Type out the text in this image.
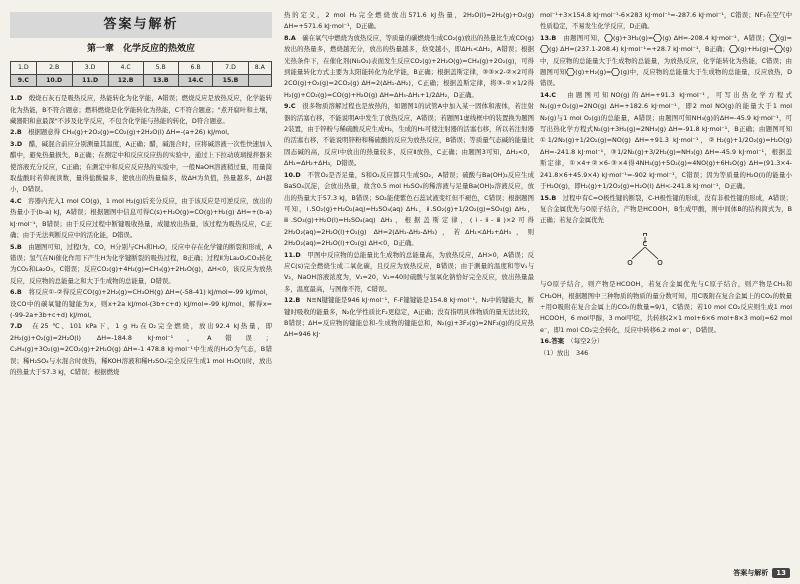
答案与解析
第一章　化学反应的热效应
1.D	2.B	3.D	4.C	5.B	6.B	7.D	8.A
9.C	10.D	11.D	12.B	13.B	14.C	15.B	

1.D　煅烧石灰石是吸热反应，热能转化为化学能，A错误；燃烧反应是放热反应，化学能转化为热能，B不符合题意；燃料燃烧是化学能转化为热能，C不符合题意；"煮开腐叶和土壤，藏器阳和意最深"不涉及化学反应，不包含化学能与热能的转化，D符合题意。

2.B　根据题意得 CH₄(g)+2O₂(g)=CO₂(g)+2H₂O(l) ΔH=-(a+26) kJ/mol。

3.D　醋，碱混合前应分别测量其温度，A正确；醋，碱混合时，应将碱溶液一次性快速加入醋中，避免热量损失，B正确；在测定中和反应反应热的实验中，通过上下拉动玻璃搅拌器来使溶液充分反应，C正确；在测定中和反应反应热的实验中，一般NaOH溶液稍过量，用量筒取盐酸时若仰视读数，量得盐酸偏多，使放出的热量偏多，故ΔH为负值，热量越多，ΔH越小，D错误。

4.C　容器内充入1 mol CO(g)，1 mol H₂(g)后充分反应，由于该反应是可逆反应，放出的热量小于(b-a) kJ，A错误；根据题图中信息可得C(s)+H₂O(g)=CO(g)+H₂(g) ΔH=+(b-a) kJ·mol⁻¹，B错误；由于反应过程中断键吸收热量，成键放出热量，该过程为吸热反应，C正确；由于无法判断反应中的活化能，D错误。

5.B　由题图可知，过程Ⅰ为，CO，H分别与CH₄和H₂O，反应中存在化学键的断裂和形成，A错误；氢气在Ni催化作用下产生H为化学键断裂的吸热过程，B正确；过程Ⅱ为La₂O₂CO₃转化为CO₂和La₂O₃，C错误；反应CO₂(g)+4H₂(g)=CH₄(g)+2H₂O(g)，ΔH<0，该反应为放热反应，反应物的总能量之和大于生成物的总能量，D错误。

6.B　将反应①-②得反应CO(g)+2H₂(g)=CH₃OH(g) ΔH=(-58-41) kJ/mol=-99 kJ/mol，设CO中的碳氧键的键能为x，则x+2a kJ/mol-(3b+c+d) kJ/mol=-99 kJ/mol，解得x=(-99-2a+3b+c+d) kJ/mol。

7.D　在25 ℃、101 kPa下，1 g H₂在O₂完全燃烧，放出92.4 kJ热量，即2H₂(g)+O₂(g)=2H₂O(l) ΔH=-184.8 kJ·mol⁻¹，A错误；C₂H₄(g)+3O₂(g)=2CO₂(g)+2H₂O(g) ΔH=-1 478.8 kJ·mol⁻¹中生成的H₂O为气态，B错误；稀H₂SO₄与水混合时放热，稀KOH溶液和稀H₂SO₄完全反应生成1 mol H₂O(l)时，放出的热量大于57.3 kJ，C错误；根据燃烧

热的定义，2 mol H₂完全燃烧放出571.6 kJ热量，2H₂O(l)=2H₂(g)+O₂(g) ΔH=+571.6 kJ·mol⁻¹，D正确。

8.A　碳在氧气中燃烧为放热反应，等质量的碳燃烧生成CO₂(g)放出的热量比生成CO(g)放出的热量多，燃烧越充分，放出的热量越多，焓变越小，即ΔH₁<ΔH₂，A错误；根据光热条件下，在催化剂(Ni₂O₃)表面发生反应CO₂(g)+2H₂O(g)=CH₄(g)+2O₂(g)，可得到能量转化方式主要为太阳能转化为化学能，B正确；根据盖斯定律，③③×2-②×2可得2CO(g)+O₂(g)=2CO₂(g) ΔH=2(ΔH₁-ΔH₂)，C正确；根据盖斯定律，将③-②×1/2得H₂(g)+CO₂(g)=CO(g)+H₂O(g) ΔH=ΔH₃-ΔH₁+1/2ΔH₂，D正确。

9.C　很多物质溶解过程也是放热的，如题图1的试管A中加入某一固体和液体，若注射器的活塞右移，不能说明A中发生了放热反应，A错误；若题图1虚线框中的装置换为题图2装置，由于锌粉与稀硫酸反应生成H₂，生成的H₂可使注射器的活塞右移，所以若注射器的活塞右移，不能说明锌粉和稀硫酸的反应为放热反应，B错误；等质量气态碱的能量比固态碱的高，反应Ⅰ中放出的热量较多，反应Ⅱ放热，C正确；由题图3可知，ΔH₂<0，ΔH₁=ΔH₂+ΔH₃，D错误。

10.D　不管O₂是否足量，S和O₂反应都只生成SO₂，A错误；硫酸与Ba(OH)₂反应生成BaSO₄沉淀，会放出热量，故含0.5 mol H₂SO₄的稀溶液与足量Ba(OH)₂溶液反应，放出的热量大于57.3 kJ，B错误；SO₂能使紫色石蕊试液变红但不褪色，C错误；根据题图可知，ⅰ.SO₂(g)+H₂O₂(aq)=H₂SO₄(aq) ΔH₁，ⅱ.SO₂(g)+1/2O₂(g)=SO₃(g) ΔH₂，ⅲ.SO₃(g)+H₂O(l)=H₂SO₄(aq) ΔH₃，根据盖斯定律，(ⅰ-ⅱ-ⅲ)×2可得2H₂O₂(aq)=2H₂O(l)+O₂(g) ΔH=2(ΔH₁-ΔH₂-ΔH₃)，若ΔH₁<ΔH₂+ΔH₃，则2H₂O₂(aq)=2H₂O(l)+O₂(g) ΔH<0，D正确。

11.D　甲图中反应物的总能量比生成物的总能量高，为放热反应，ΔH>0，A错误；反应C(s)完全燃烧生成二氧化碳，且反应为放热反应，B错误；由于测量的温度和等V₁与V₂，NaOH溶液浓度为，V₁=20，V₂=40时硫酸与氢氧化钠恰好完全反应，放出热量最多，温度最高，与图像不符，C错误。

12.B　N≡N键键能是946 kJ·mol⁻¹，F-F键键能是154.8 kJ·mol⁻¹，N₂中的键能大，断键时吸收的能量多，N₂化学性质比F₂更稳定，A正确；没有指明具体物质的量无法比较，B错误；ΔH=反应物的键能总和-生成物的键能总和，N₂(g)+3F₂(g)=2NF₃(g)的反应热ΔH=946 kJ·

mol⁻¹+3×154.8 kJ·mol⁻¹-6×283 kJ·mol⁻¹=-287.6 kJ·mol⁻¹，C错误；NF₃在空气中性质稳定，不易发生化学反应，D正确。

13.B　由题图可知， (g)+3H₂(g)= (g) ΔH=-208.4 kJ·mol⁻¹，A错误； (g)=(g) ΔH=(237.1-208.4) kJ·mol⁻¹=+28.7 kJ·mol⁻¹，B正确； (g)+H₂(g)= (g)中，反应物的总能量大于生成物的总能量，为放热反应，化学能转化为热能，C错误；由题图可知 (g)+H₂(g)= (g)中，反应物的总能量大于生成物的总能量，反应放热，D错误。

14.C　由题图可知NO(g)的ΔH=+91.3 kJ·mol⁻¹，可写出热化学方程式N₂(g)+O₂(g)=2NO(g) ΔH=+182.6 kJ·mol⁻¹，即2 mol NO(g)的能量大于1 mol N₂(g)与1 mol O₂(g)的总能量，A错误；由题图可知NH₃(g)的ΔH=-45.9 kJ·mol⁻¹，可写出热化学方程式N₂(g)+3H₂(g)=2NH₃(g) ΔH=-91.8 kJ·mol⁻¹，B正确；由题图可知①1/2N₂(g)+1/2O₂(g)=NO(g) ΔH=+91.3 kJ·mol⁻¹，②H₂(g)+1/2O₂(g)=H₂O(g) ΔH=-241.8 kJ·mol⁻¹，③1/2N₂(g)+3/2H₂(g)=NH₃(g) ΔH=-45.9 kJ·mol⁻¹，根据盖斯定律，①×4+②×6-③×4得4NH₃(g)+5O₂(g)=4NO(g)+6H₂O(g) ΔH=(91.3×4-241.8×6+45.9×4) kJ·mol⁻¹=-902 kJ·mol⁻¹，C错误；因为等质量的H₂O(l)的能量小于H₂O(g)，即H₂(g)+1/2O₂(g)=H₂O(l) ΔH<-241.8 kJ·mol⁻¹，D正确。

15.B　过程中有C=O极性键的断裂，C-H极性键的形成，没有非极性键的形成，A错误；复合金属优先与O原子结合，产物是HCOOH，B生成甲酸，则中间体B的结构简式为，B正确；若复合金属优先

H
C
O	O

与O原子结合，则产物是HCOOH，若复合金属优先与C原子结合，则产物是CH₃和CH₂OH，根据题图中三种物质的物质的量分数可知，用C吸附在复合金属上的CO₂的数量÷用O吸附在复合金属上的CO₂的数量≈9/1，C错误；若10 mol CO₂反应则生成1 mol HCOOH，6 mol甲醇，3 mol甲烷，共转移(2×1 mol+6×6 mol+8×3 mol)=62 mol e⁻，即1 mol CO₂完全转化，反应中转移6.2 mol e⁻，D错误。

16.答案　（每空2分）

（1）放出　346

答案与解析	13
